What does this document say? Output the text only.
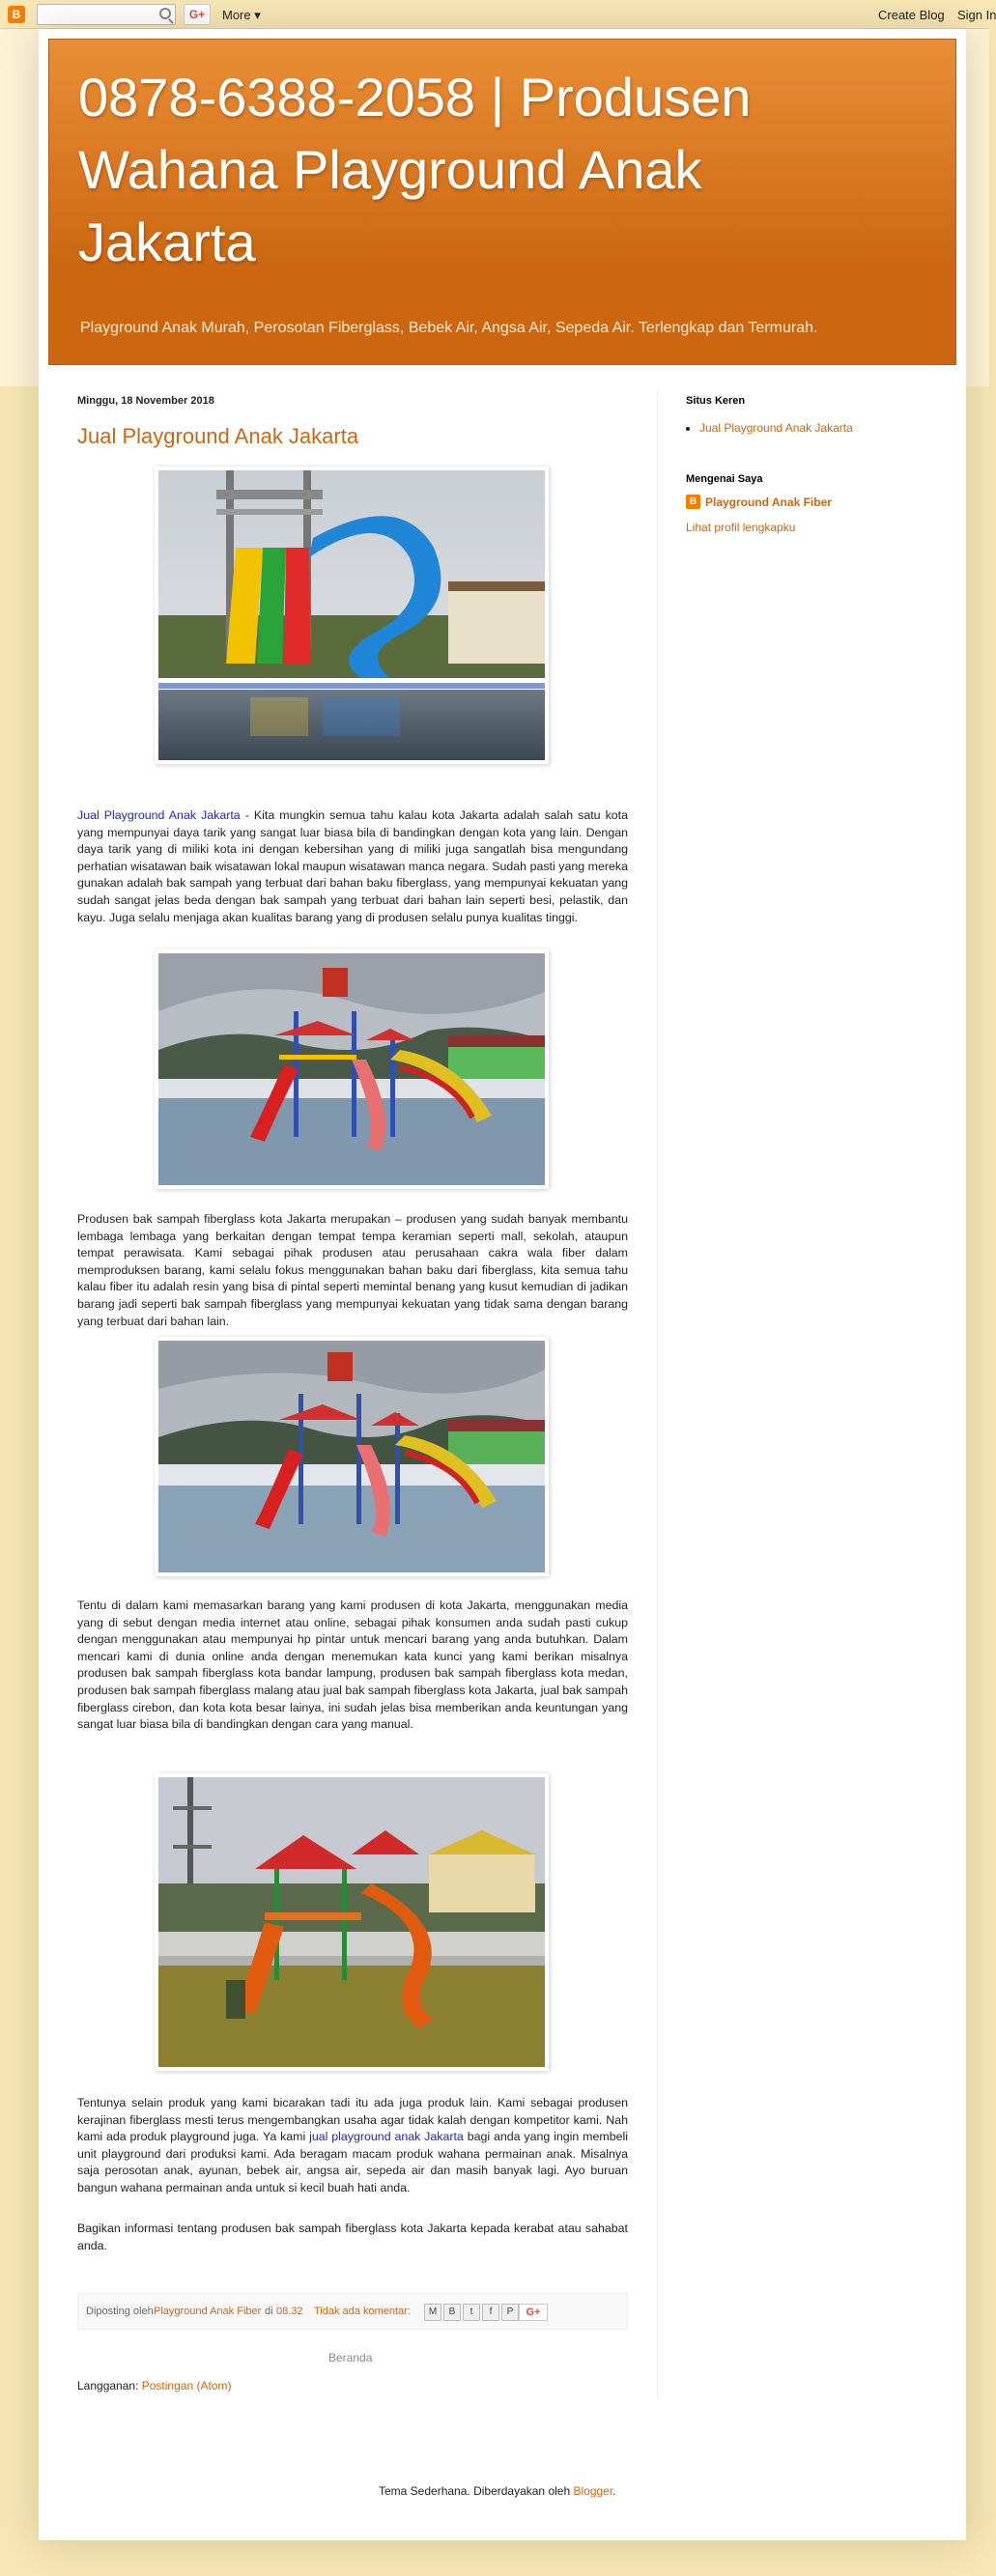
B	G+	More ▾	Create Blog Sign In
0878-6388-2058 | Produsen Wahana Playground Anak Jakarta
Playground Anak Murah, Perosotan Fiberglass, Bebek Air, Angsa Air, Sepeda Air. Terlengkap dan Termurah.
Minggu, 18 November 2018
Jual Playground Anak Jakarta
Jual Playground Anak Jakarta - Kita mungkin semua tahu kalau kota Jakarta adalah salah satu kota yang mempunyai daya tarik yang sangat luar biasa bila di bandingkan dengan kota yang lain. Dengan daya tarik yang di miliki kota ini dengan kebersihan yang di miliki juga sangatlah bisa mengundang perhatian wisatawan baik wisatawan lokal maupun wisatawan manca negara. Sudah pasti yang mereka gunakan adalah bak sampah yang terbuat dari bahan baku fiberglass, yang mempunyai kekuatan yang sudah sangat jelas beda dengan bak sampah yang terbuat dari bahan lain seperti besi, pelastik, dan kayu. Juga selalu menjaga akan kualitas barang yang di produsen selalu punya kualitas tinggi.
Produsen bak sampah fiberglass kota Jakarta merupakan – produsen yang sudah banyak membantu lembaga lembaga yang berkaitan dengan tempat tempa keramian seperti mall, sekolah, ataupun tempat perawisata. Kami sebagai pihak produsen atau perusahaan cakra wala fiber dalam memproduksen barang, kami selalu fokus menggunakan bahan baku dari fiberglass, kita semua tahu kalau fiber itu adalah resin yang bisa di pintal seperti memintal benang yang kusut kemudian di jadikan barang jadi seperti bak sampah fiberglass yang mempunyai kekuatan yang tidak sama dengan barang yang terbuat dari bahan lain.
Tentu di dalam kami memasarkan barang yang kami produsen di kota Jakarta, menggunakan media yang di sebut dengan media internet atau online, sebagai pihak konsumen anda sudah pasti cukup dengan menggunakan atau mempunyai hp pintar untuk mencari barang yang anda butuhkan. Dalam mencari kami di dunia online anda dengan menemukan kata kunci yang kami berikan misalnya produsen bak sampah fiberglass kota bandar lampung, produsen bak sampah fiberglass kota medan, produsen bak sampah fiberglass malang atau jual bak sampah fiberglass kota Jakarta, jual bak sampah fiberglass cirebon, dan kota kota besar lainya, ini sudah jelas bisa memberikan anda keuntungan yang sangat luar biasa bila di bandingkan dengan cara yang manual.
Tentunya selain produk yang kami bicarakan tadi itu ada juga produk lain. Kami sebagai produsen kerajinan fiberglass mesti terus mengembangkan usaha agar tidak kalah dengan kompetitor kami. Nah kami ada produk playground juga. Ya kami jual playground anak Jakarta bagi anda yang ingin membeli unit playground dari produksi kami. Ada beragam macam produk wahana permainan anak. Misalnya saja perosotan anak, ayunan, bebek air, angsa air, sepeda air dan masih banyak lagi. Ayo buruan bangun wahana permainan anda untuk si kecil buah hati anda.
Bagikan informasi tentang produsen bak sampah fiberglass kota Jakarta kepada kerabat atau sahabat anda.
Diposting oleh Playground Anak Fiber di 08.32 Tidak ada komentar:	M	B	t	f	P	G+
Beranda
Langganan: Postingan (Atom)
Situs Keren
• Jual Playground Anak Jakarta
Mengenai Saya
B Playground Anak Fiber
Lihat profil lengkapku
Tema Sederhana. Diberdayakan oleh Blogger.
